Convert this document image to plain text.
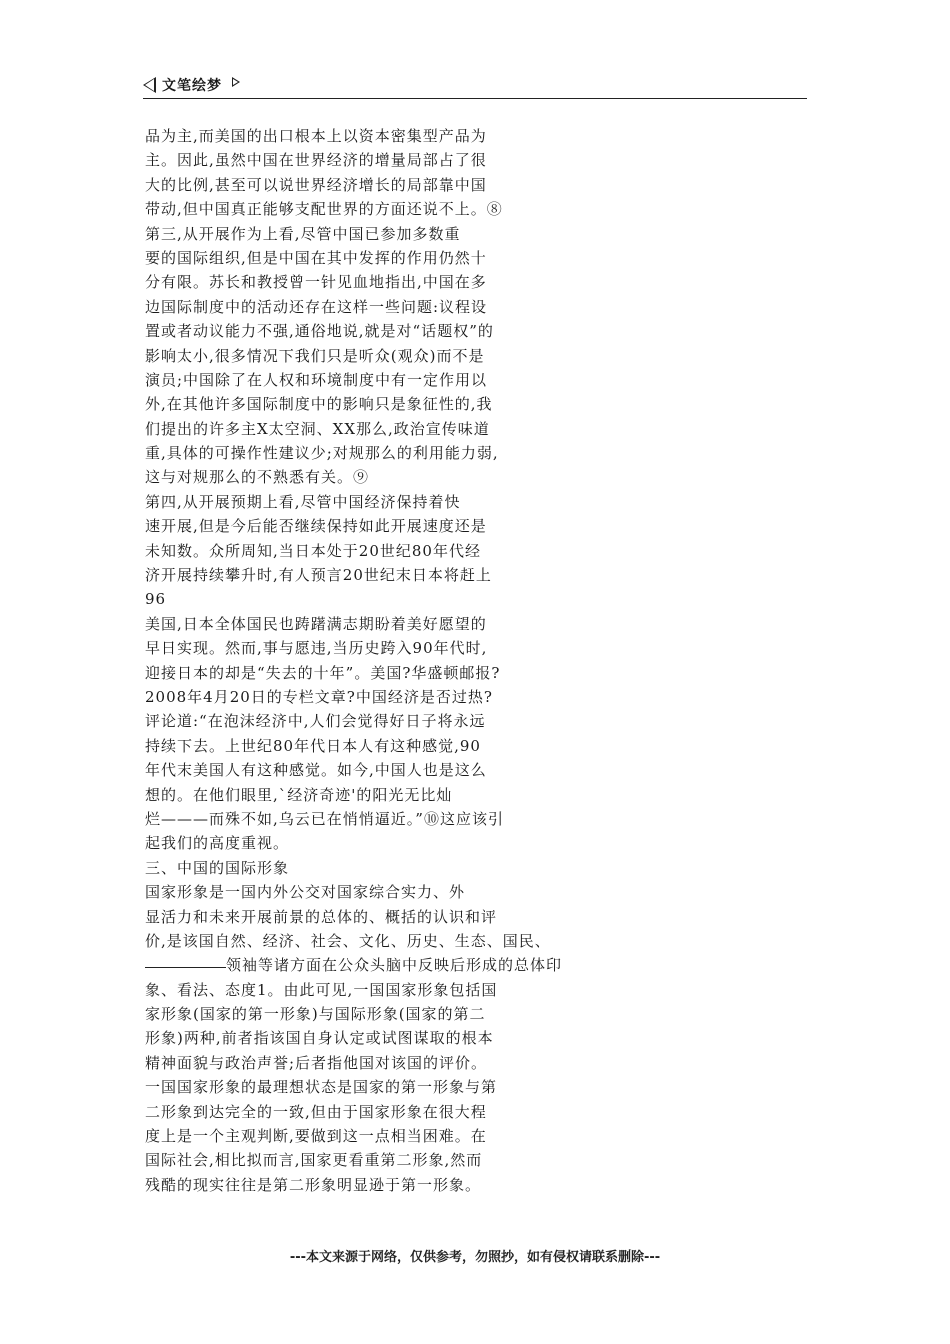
文笔绘梦
品为主,而美国的出口根本上以资本密集型产品为
主。因此,虽然中国在世界经济的增量局部占了很
大的比例,甚至可以说世界经济增长的局部靠中国
带动,但中国真正能够支配世界的方面还说不上。⑧
第三,从开展作为上看,尽管中国已参加多数重
要的国际组织,但是中国在其中发挥的作用仍然十
分有限。苏长和教授曾一针见血地指出,中国在多
边国际制度中的活动还存在这样一些问题:议程设
置或者动议能力不强,通俗地说,就是对“话题权”的
影响太小,很多情况下我们只是听众(观众)而不是
演员;中国除了在人权和环境制度中有一定作用以
外,在其他许多国际制度中的影响只是象征性的,我
们提出的许多主X太空洞、XX那么,政治宣传味道
重,具体的可操作性建议少;对规那么的利用能力弱,
这与对规那么的不熟悉有关。⑨
第四,从开展预期上看,尽管中国经济保持着快
速开展,但是今后能否继续保持如此开展速度还是
未知数。众所周知,当日本处于20世纪80年代经
济开展持续攀升时,有人预言20世纪末日本将赶上
96
美国,日本全体国民也踌躇满志期盼着美好愿望的
早日实现。然而,事与愿违,当历史跨入90年代时,
迎接日本的却是“失去的十年”。美国?华盛顿邮报?
2008年4月20日的专栏文章?中国经济是否过热?
评论道:“在泡沫经济中,人们会觉得好日子将永远
持续下去。上世纪80年代日本人有这种感觉,90
年代末美国人有这种感觉。如今,中国人也是这么
想的。在他们眼里,`经济奇迹'的阳光无比灿
烂———而殊不如,乌云已在悄悄逼近。”⑩这应该引
起我们的高度重视。
三、中国的国际形象
国家形象是一国内外公交对国家综合实力、外
显活力和未来开展前景的总体的、概括的认识和评
价,是该国自然、经济、社会、文化、历史、生态、国民、
领袖等诸方面在公众头脑中反映后形成的总体印
象、看法、态度1。由此可见,一国国家形象包括国
家形象(国家的第一形象)与国际形象(国家的第二
形象)两种,前者指该国自身认定或试图谋取的根本
精神面貌与政治声誉;后者指他国对该国的评价。
一国国家形象的最理想状态是国家的第一形象与第
二形象到达完全的一致,但由于国家形象在很大程
度上是一个主观判断,要做到这一点相当困难。在
国际社会,相比拟而言,国家更看重第二形象,然而
残酷的现实往往是第二形象明显逊于第一形象。
---本文来源于网络，仅供参考，勿照抄，如有侵权请联系删除---
